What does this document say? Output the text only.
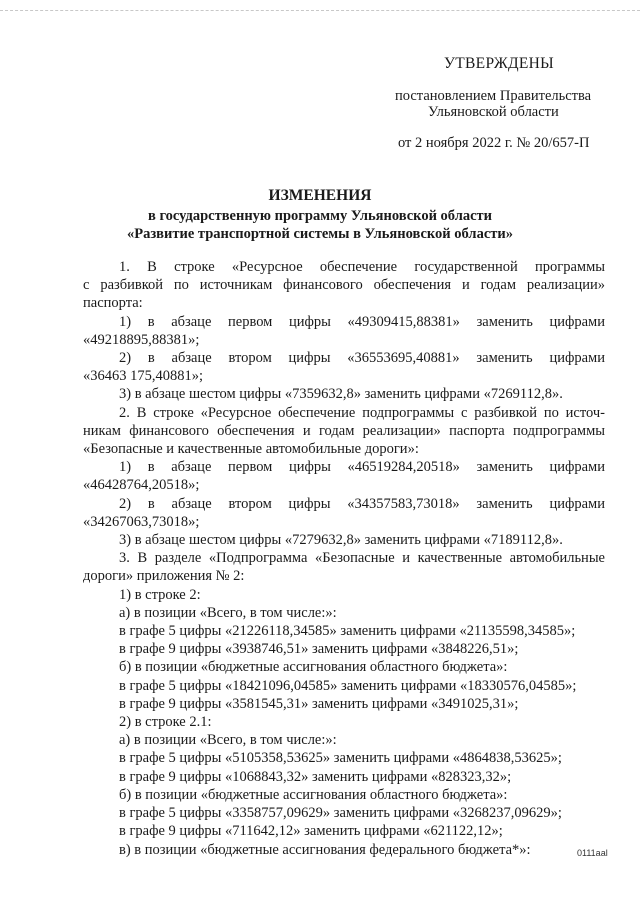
УТВЕРЖДЕНЫ
постановлением Правительства
Ульяновской области
от 2 ноября 2022 г. № 20/657-П
ИЗМЕНЕНИЯ
в государственную программу Ульяновской области
«Развитие транспортной системы в Ульяновской области»
1. В строке «Ресурсное обеспечение государственной программы
с разбивкой по источникам финансового обеспечения и годам реализации»
паспорта:
1) в абзаце первом цифры «49309415,88381» заменить цифрами
«49218895,88381»;
2) в абзаце втором цифры «36553695,40881» заменить цифрами
«36463 175,40881»;
3) в абзаце шестом цифры «7359632,8» заменить цифрами «7269112,8».
2. В строке «Ресурсное обеспечение подпрограммы с разбивкой по источ-
никам финансового обеспечения и годам реализации» паспорта подпрограммы
«Безопасные и качественные автомобильные дороги»:
1) в абзаце первом цифры «46519284,20518» заменить цифрами
«46428764,20518»;
2) в абзаце втором цифры «34357583,73018» заменить цифрами
«34267063,73018»;
3) в абзаце шестом цифры «7279632,8» заменить цифрами «7189112,8».
3. В разделе «Подпрограмма «Безопасные и качественные автомобильные
дороги» приложения № 2:
1) в строке 2:
а) в позиции «Всего, в том числе:»:
в графе 5 цифры «21226118,34585» заменить цифрами «21135598,34585»;
в графе 9 цифры «3938746,51» заменить цифрами «3848226,51»;
б) в позиции «бюджетные ассигнования областного бюджета»:
в графе 5 цифры «18421096,04585» заменить цифрами «18330576,04585»;
в графе 9 цифры «3581545,31» заменить цифрами «3491025,31»;
2) в строке 2.1:
а) в позиции «Всего, в том числе:»:
в графе 5 цифры «5105358,53625» заменить цифрами «4864838,53625»;
в графе 9 цифры «1068843,32» заменить цифрами «828323,32»;
б) в позиции «бюджетные ассигнования областного бюджета»:
в графе 5 цифры «3358757,09629» заменить цифрами «3268237,09629»;
в графе 9 цифры «711642,12» заменить цифрами «621122,12»;
в) в позиции «бюджетные ассигнования федерального бюджета*»:	0111aal
